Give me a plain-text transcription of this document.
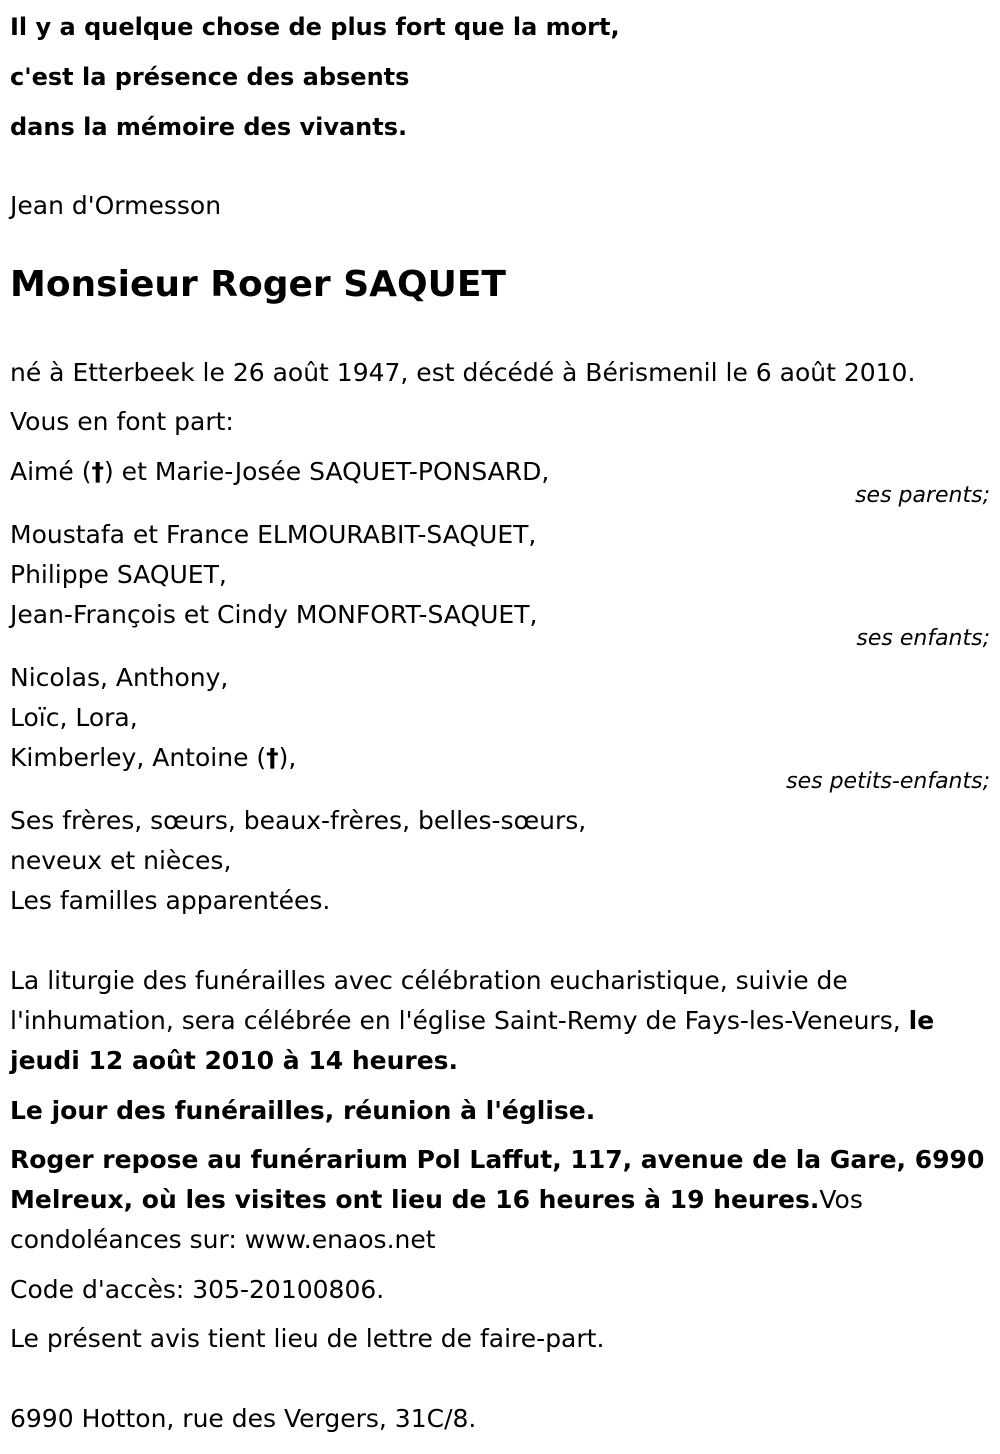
Il y a quelque chose de plus fort que la mort,
c'est la présence des absents
dans la mémoire des vivants.
Jean d'Ormesson
Monsieur Roger SAQUET
né à Etterbeek le 26 août 1947, est décédé à Bérismenil le 6 août 2010.
Vous en font part:
Aimé (†) et Marie-Josée SAQUET-PONSARD,
ses parents;
Moustafa et France ELMOURABIT-SAQUET,
Philippe SAQUET,
Jean-François et Cindy MONFORT-SAQUET,
ses enfants;
Nicolas, Anthony,
Loïc, Lora,
Kimberley, Antoine (†),
ses petits-enfants;
Ses frères, sœurs, beaux-frères, belles-sœurs,
neveux et nièces,
Les familles apparentées.
La liturgie des funérailles avec célébration eucharistique, suivie de
l'inhumation, sera célébrée en l'église Saint-Remy de Fays-les-Veneurs, le
jeudi 12 août 2010 à 14 heures.
Le jour des funérailles, réunion à l'église.
Roger repose au funérarium Pol Laffut, 117, avenue de la Gare, 6990
Melreux, où les visites ont lieu de 16 heures à 19 heures.Vos
condoléances sur: www.enaos.net
Code d'accès: 305-20100806.
Le présent avis tient lieu de lettre de faire-part.
6990 Hotton, rue des Vergers, 31C/8.
